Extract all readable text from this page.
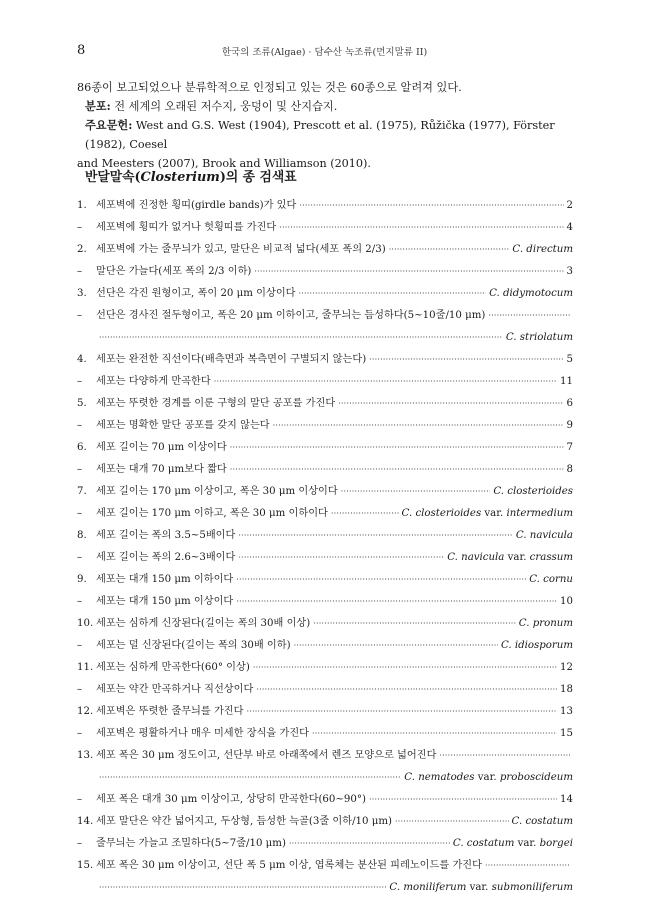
8	한국의 조류(Algae) · 담수산 녹조류(먼지말류 II)

86종이 보고되었으나 분류학적으로 인정되고 있는 것은 60종으로 알려져 있다.

분포: 전 세계의 오래된 저수지, 웅덩이 및 산지습지.

주요문헌: West and G.S. West (1904), Prescott et al. (1975), Růžička (1977), Förster (1982), Coesel

and Meesters (2007), Brook and Williamson (2010).

반달말속(Closterium)의 종 검색표
1. 세포벽에 진정한 횡띠(girdle bands)가 있다 ·····	2
–	세포벽에 횡띠가 없거나 헛횡띠를 가진다 ·····	4
2. 세포벽에 가는 줄무늬가 있고, 말단은 비교적 넓다(세포 폭의 2/3) ·····	C. directum
–	말단은 가늘다(세포 폭의 2/3 이하) ·····	3
3. 선단은 각진 원형이고, 폭이 20 μm 이상이다 ·····	C. didymotocum
–	선단은 경사진 절두형이고, 폭은 20 μm 이하이고, 줄무늬는 듬성하다(5~10줄/10 μm)
·····
·····
C. striolatum
4. 세포는 완전한 직선이다(배측면과 복측면이 구별되지 않는다) ·····	5
–	세포는 다양하게 만곡한다 ·····	11
5. 세포는 뚜렷한 경계를 이룬 구형의 말단 공포를 가진다 ·····	6
–	세포는 명확한 말단 공포를 갖지 않는다 ·····	9
6. 세포 길이는 70 μm 이상이다 ·····	7
–	세포는 대개 70 μm보다 짧다 ·····	8
7. 세포 길이는 170 μm 이상이고, 폭은 30 μm 이상이다 ·····	C. closterioides
–	세포 길이는 170 μm 이하고, 폭은 30 μm 이하이다 ·····	C. closterioides var. intermedium
8. 세포 길이는 폭의 3.5~5배이다 ·····	C. navicula
–	세포 길이는 폭의 2.6~3배이다 ·····	C. navicula var. crassum
9. 세포는 대개 150 μm 이하이다 ·····	C. cornu
–	세포는 대개 150 μm 이상이다 ·····	10
10. 세포는 심하게 신장된다(길이는 폭의 30배 이상) ·····	C. pronum
–	세포는 덜 신장된다(길이는 폭의 30배 이하) ·····	C. idiosporum
11. 세포는 심하게 만곡한다(60° 이상) ·····	12
–	세포는 약간 만곡하거나 직선상이다 ·····	18
12. 세포벽은 뚜렷한 줄무늬를 가진다 ·····	13
–	세포벽은 평활하거나 매우 미세한 장식을 가진다 ·····	15
13. 세포 폭은 30 μm 정도이고, 선단부 바로 아래쪽에서 렌즈 모양으로 넓어진다
·····
·····
C. nematodes var. proboscideum
–	세포 폭은 대개 30 μm 이상이고, 상당히 만곡한다(60~90°) ·····	14
14. 세포 말단은 약간 넓어지고, 두상형, 듬성한 늑골(3줄 이하/10 μm) ·····	C. costatum
–	줄무늬는 가늘고 조밀하다(5~7줄/10 μm) ·····	C. costatum var. borgei
15. 세포 폭은 30 μm 이상이고, 선단 폭 5 μm 이상, 엽록체는 분산된 피레노이드를 가진다
·····
·····
C. moniliferum var. submoniliferum
